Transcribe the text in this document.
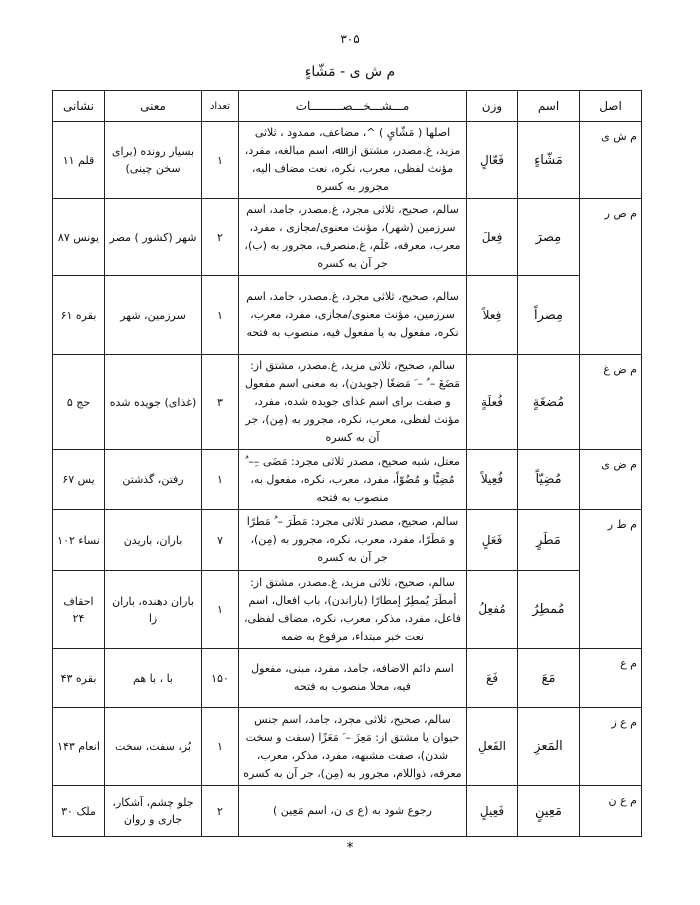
۳۰۵
م ش ی - مَشّاءٍ
اصل	اسم	وزن	مـــشـــخـــصـــــــــات	تعداد	معنی	نشانی
م ش ی	مَشّاءٍ	فَعّالٍ	اصلها ( مَشّایٍ ) ^، مضاعف، ممدود ، ثلاثی مزید، غ.مصدر، مشتق از: ﷲ، اسم مبالغه، مفرد، مؤنث لفظی، معرب، نکره، نعت مضاف الیه، مجرور به کسره	۱	بسیار رونده (برای سخن چینی)	قلم ۱۱
م ص ر	مِصرَ	فِعلَ	سالم، صحیح، ثلاثی مجرد، غ.مصدر، جامد، اسم سرزمین (شهر)، مؤنث معنوی/مجازی ، مفرد، معرب، معرفه، عَلَم، غ.منصرف، مجرور به (ب)، جر آن به کسره	۲	شهر (کشور ) مصر	یونس ۸۷
	مِصراً	فِعلاً	سالم، صحیح، ثلاثی مجرد، غ.مصدر، جامد، اسم سرزمین، مؤنث معنوی/مجازی، مفرد، معرب، نکره، مفعول به یا مفعول فیه، منصوب به فتحه	۱	سرزمین، شهر	بقره ۶۱
م ض غ	مُضغَةٍ	فُعلَةٍ	سالم، صحیح، ثلاثی مزید، غ.مصدر، مشتق از: مَضَغَ – ُ – َ مَضغًا (جویدن)، به معنی اسم مفعول و صفت برای اسم غذای جویده شده، مفرد، مؤنث لفظی، معرب، نکره، مجرور به (مِن)، جر آن به کسره	۳	(غذای) جویده شده	حج ۵
م ض ی	مُضِیّاً	فُعِیلاً	معتل، شبه صحیح، مصدر ثلاثی مجرد: مَضَی –ِ– ُ مُضِیًّا و مُضُوّاً، مفرد، معرب، نکره، مفعول به، منصوب به فتحه	۱	رفتن، گذشتن	یس ۶۷
م ط ر	مَطَرٍ	فَعَلٍ	سالم، صحیح، مصدر ثلاثی مجرد: مَطَرَ – ُ مَطرًا و مَطَرًا، مفرد، معرب، نکره، مجرور به (مِن)، جر آن به کسره	۷	باران، باریدن	نساء ۱۰۲
	مُمطِرُ	مُفعِلُ	سالم، صحیح، ثلاثی مزید، غ.مصدر، مشتق از: أمطَرَ یُمطِرُ إمطارًا (باراندن)، باب افعال، اسم فاعل، مفرد، مذکر، معرب، نکره، مضاف لفظی، نعت خبر مبتداء، مرفوع به ضمه	۱	باران دهنده، باران زا	احقاف ۲۴
م ع	مَعَ	فَعَ	اسم دائم الاضافه، جامد، مفرد، مبنی، مفعول فیه، محلا منصوب به فتحه	۱۵۰	با ، با هم	بقره ۴۳
م ع ز	المَعزِ	الفَعلِ	سالم، صحیح، ثلاثی مجرد، جامد، اسم جنس حیوان یا مشتق از: مَعِزَ – َ مَعَزًا (سفت و سخت شدن)، صفت مشبهه، مفرد، مذکر، معرب، معرفه، ذواللام، مجرور به (مِن)، جر آن به کسره	۱	بُز، سفت، سخت	انعام ۱۴۳
م ع ن	مَعِینٍ	فَعِیلٍ	رجوع شود به (ع ی ن، اسم مَعِین )	۲	جلو چشم، آشکار، جاری و روان	ملک ۳۰
*
